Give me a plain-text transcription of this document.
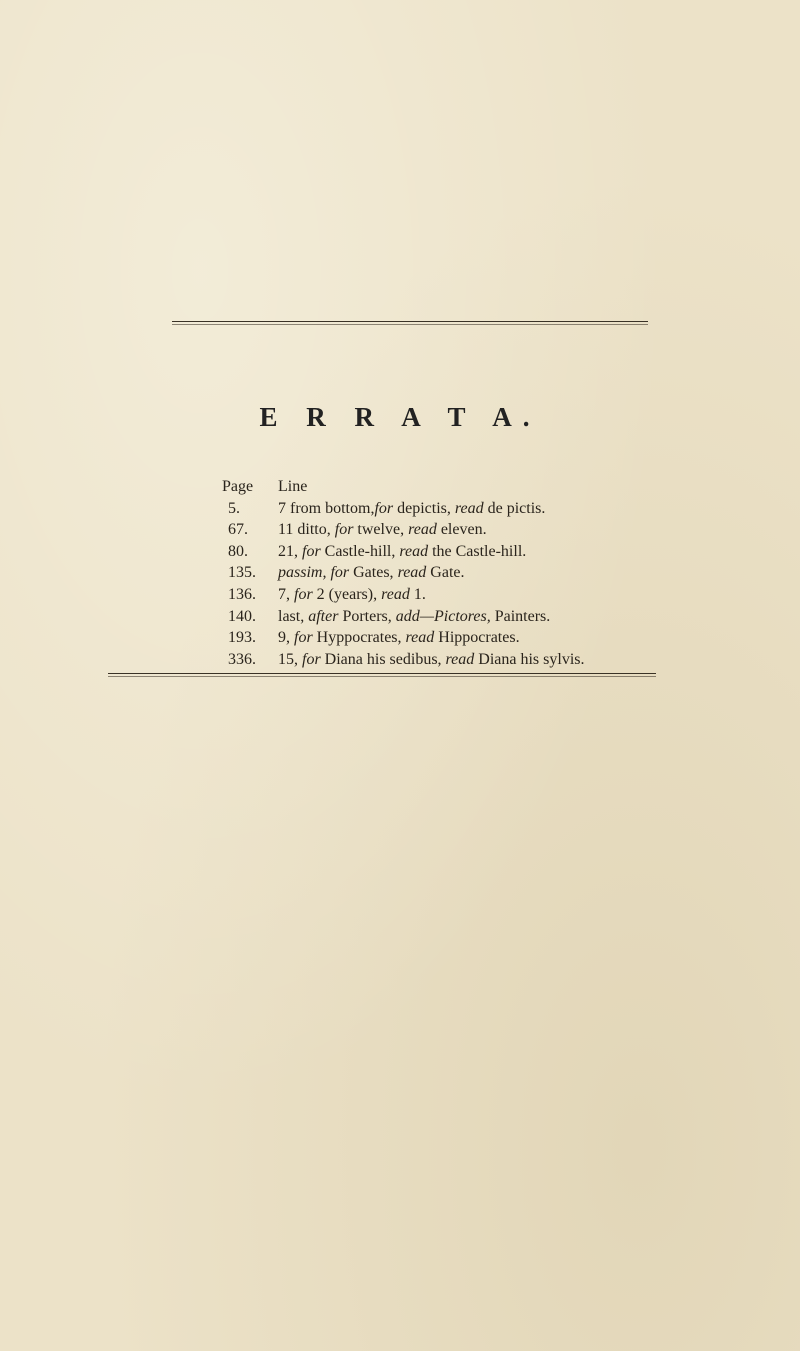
E R R A T A.
Page	Line
5.	7 from bottom,for depictis, read de pictis.
67.	11 ditto, for twelve, read eleven.
80.	21, for Castle-hill, read the Castle-hill.
135.	passim, for Gates, read Gate.
136.	7, for 2 (years), read 1.
140.	last, after Porters, add—Pictores, Painters.
193.	9, for Hyppocrates, read Hippocrates.
336.	15, for Diana his sedibus, read Diana his sylvis.
